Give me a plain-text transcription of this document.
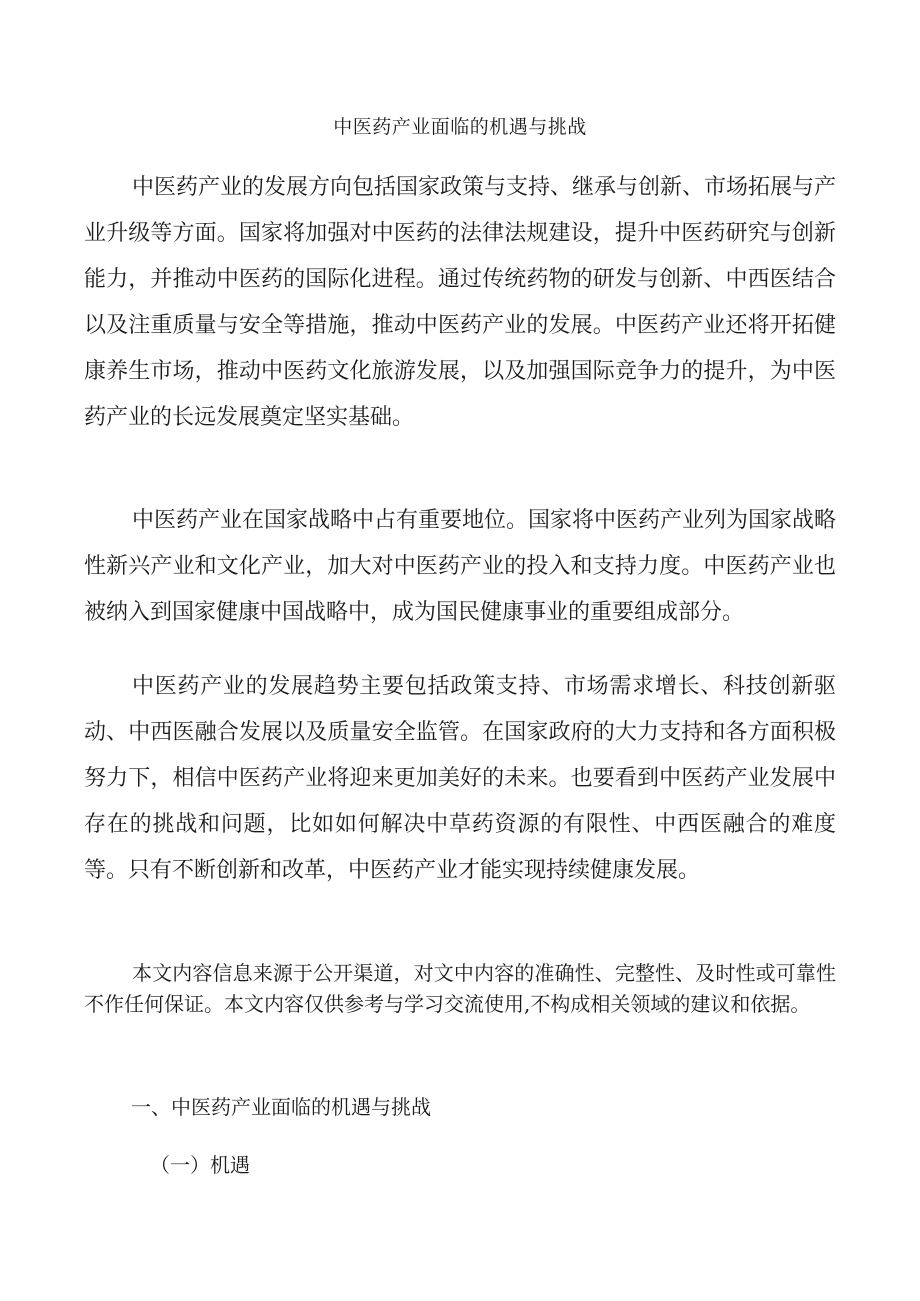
中医药产业面临的机遇与挑战

中医药产业的发展方向包括国家政策与支持、继承与创新、市场拓展与产业升级等方面。国家将加强对中医药的法律法规建设，提升中医药研究与创新能力，并推动中医药的国际化进程。通过传统药物的研发与创新、中西医结合以及注重质量与安全等措施，推动中医药产业的发展。中医药产业还将开拓健康养生市场，推动中医药文化旅游发展，以及加强国际竞争力的提升，为中医药产业的长远发展奠定坚实基础。

中医药产业在国家战略中占有重要地位。国家将中医药产业列为国家战略性新兴产业和文化产业，加大对中医药产业的投入和支持力度。中医药产业也被纳入到国家健康中国战略中，成为国民健康事业的重要组成部分。

中医药产业的发展趋势主要包括政策支持、市场需求增长、科技创新驱动、中西医融合发展以及质量安全监管。在国家政府的大力支持和各方面积极努力下，相信中医药产业将迎来更加美好的未来。也要看到中医药产业发展中存在的挑战和问题，比如如何解决中草药资源的有限性、中西医融合的难度等。只有不断创新和改革，中医药产业才能实现持续健康发展。

本文内容信息来源于公开渠道，对文中内容的准确性、完整性、及时性或可靠性不作任何保证。本文内容仅供参考与学习交流使用,不构成相关领域的建议和依据。

一、中医药产业面临的机遇与挑战
（一）机遇
